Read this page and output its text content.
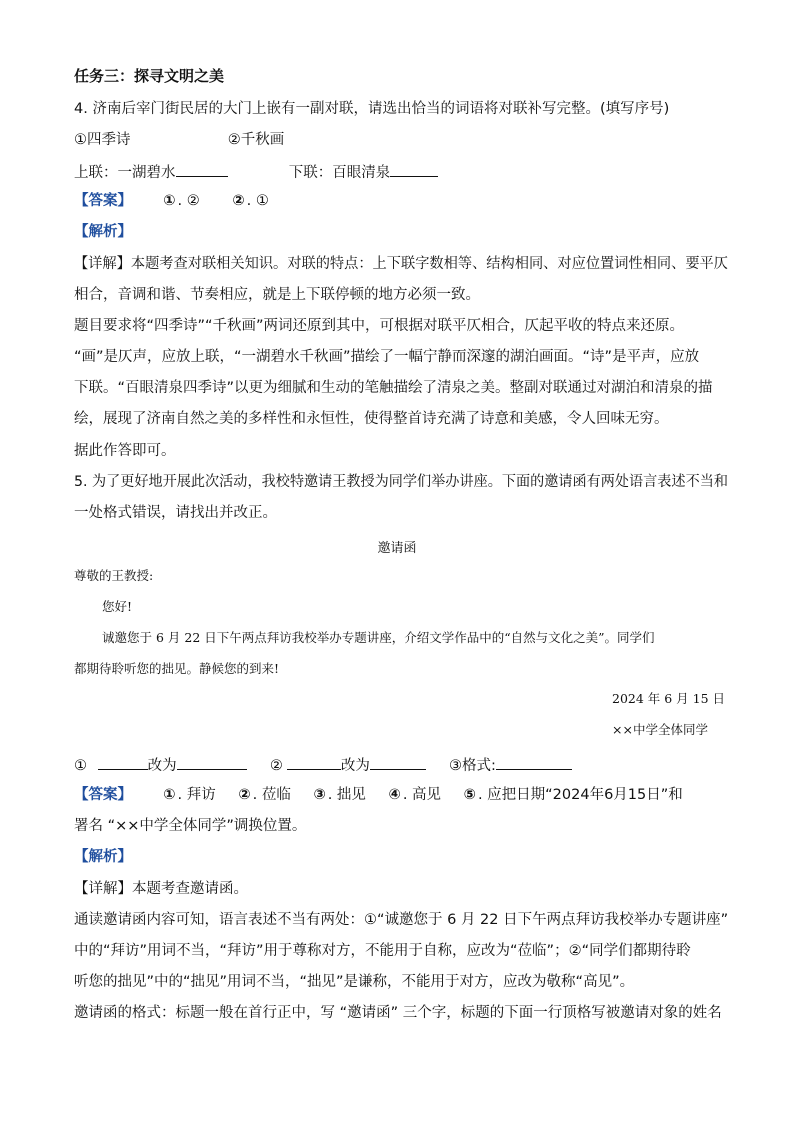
任务三：探寻文明之美
4. 济南后宰门街民居的大门上嵌有一副对联，请选出恰当的词语将对联补写完整。(填写序号)
①四季诗	②千秋画
上联：一湖碧水	下联：百眼清泉
【答案】 ① . ② ② . ①
【解析】
【详解】本题考查对联相关知识。对联的特点：上下联字数相等、结构相同、对应位置词性相同、要平仄
相合，音调和谐、节奏相应，就是上下联停顿的地方必须一致。
题目要求将“四季诗”“千秋画”两词还原到其中，可根据对联平仄相合，仄起平收的特点来还原。
“画”是仄声，应放上联，“一湖碧水千秋画”描绘了一幅宁静而深邃的湖泊画面。“诗”是平声，应放
下联。“百眼清泉四季诗”以更为细腻和生动的笔触描绘了清泉之美。整副对联通过对湖泊和清泉的描
绘，展现了济南自然之美的多样性和永恒性，使得整首诗充满了诗意和美感，令人回味无穷。
据此作答即可。
5. 为了更好地开展此次活动，我校特邀请王教授为同学们举办讲座。下面的邀请函有两处语言表述不当和
一处格式错误，请找出并改正。
邀请函
尊敬的王教授:
您好!
诚邀您于 6 月 22 日下午两点拜访我校举办专题讲座，介绍文学作品中的“自然与文化之美”。同学们
都期待聆听您的拙见。静候您的到来!
2024 年 6 月 15 日
××中学全体同学
①	改为	②	改为	③格式:
【答案】 ① . 拜访 ② . 莅临 ③ . 拙见 ④ . 高见 ⑤ . 应把日期“2024年6月15日”和
署名 “××中学全体同学”调换位置。
【解析】
【详解】本题考查邀请函。
通读邀请函内容可知，语言表述不当有两处：①“诚邀您于 6 月 22 日下午两点拜访我校举办专题讲座”
中的“拜访”用词不当，“拜访”用于尊称对方，不能用于自称，应改为“莅临”；②“同学们都期待聆
听您的拙见”中的“拙见”用词不当，“拙见”是谦称，不能用于对方，应改为敬称“高见”。
邀请函的格式：标题一般在首行正中，写 “邀请函” 三个字，标题的下面一行顶格写被邀请对象的姓名
